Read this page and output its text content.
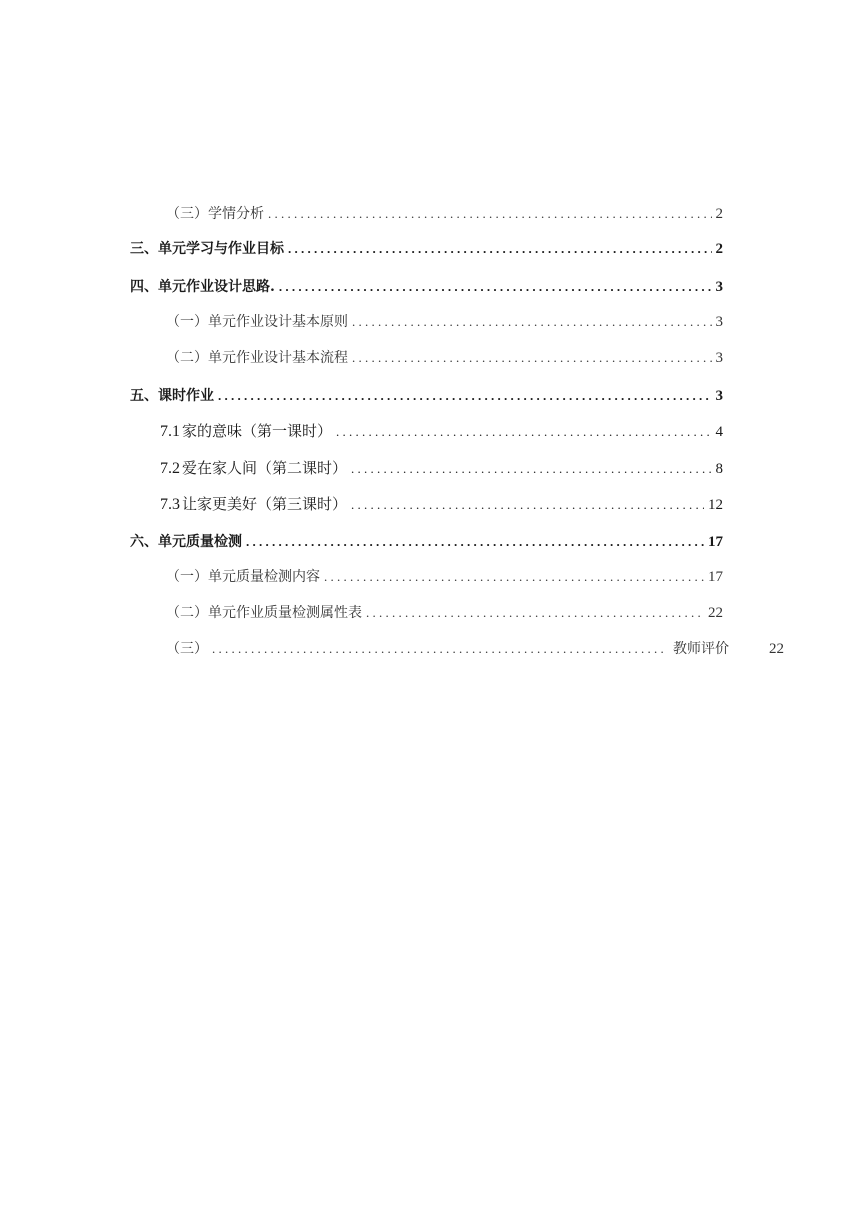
（三）学情分析 . . .	2
三、 单元学习与作业目标 . . .	2
四、 单元作业设计思路. . . .	3
（一）单元作业设计基本原则 . . .	3
（二）单元作业设计基本流程 . . .	3
五、 课时作业 . . .	3
7.1 家的意味（第一课时） . . .	4
7.2 爱在家人间（第二课时） . . .	8
7.3 让家更美好（第三课时） . . .	12
六、 单元质量检测 . . .	17
（一）单元质量检测内容 . . .	17
（二）单元作业质量检测属性表 . . .	22
（三） . . .	教师评价	22
